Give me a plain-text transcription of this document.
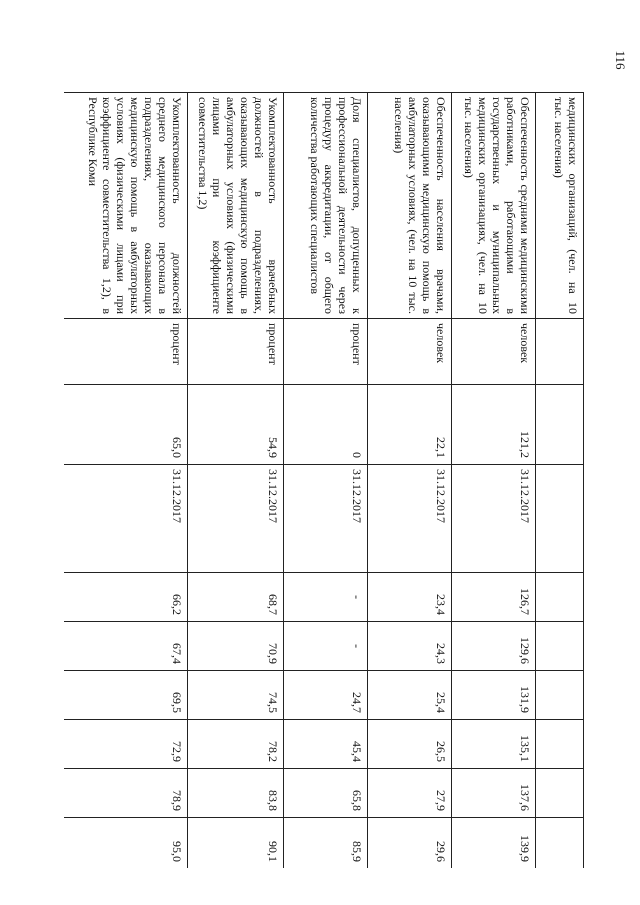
116
медицинских организаций, (чел. на 10 тыс. населения)									
Обеспеченность средними медицинскими работниками, работающими в государственных и муниципальных медицинских организациях, (чел. на 10 тыс. населения)	человек	121,2	31.12.2017	126,7	129,6	131,9	135,1	137,6	139,9
Обеспеченность населения врачами, оказывающими медицинскую помощь в амбулаторных условиях, (чел. на 10 тыс. населения)	человек	22,1	31.12.2017	23,4	24,3	25,4	26,5	27,9	29,6
Доля специалистов, допущенных к профессиональной деятельности через процедуру аккредитации, от общего количества работающих специалистов	процент	0	31.12.2017	-	-	24,7	45,4	65,8	85,9
Укомплектованность врачебных должностей в подразделениях, оказывающих медицинскую помощь в амбулаторных условиях (физическими лицами при коэффициенте совместительства 1,2)	процент	54,9	31.12.2017	68,7	70,9	74,5	78,2	83,8	90,1
Укомплектованность должностей среднего медицинского персонала в подразделениях, оказывающих медицинскую помощь в амбулаторных условиях (физическими лицами при коэффициенте совместительства 1,2), в Республике Коми	процент	65,0	31.12.2017	66,2	67,4	69,5	72,9	78,9	95,0
